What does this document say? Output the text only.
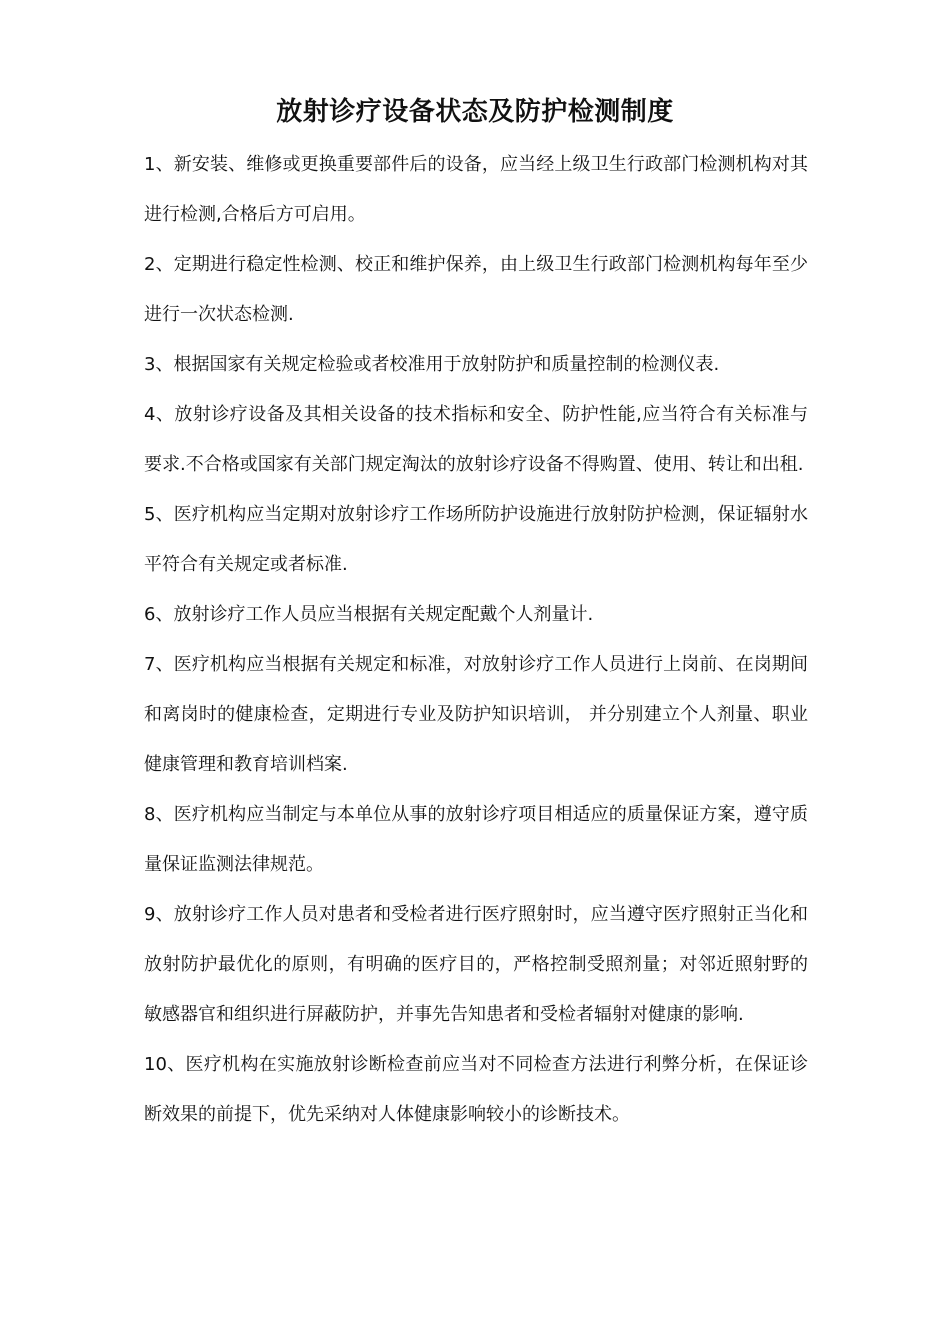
放射诊疗设备状态及防护检测制度
1、新安装、维修或更换重要部件后的设备，应当经上级卫生行政部门检测机构对其进行检测,合格后方可启用。
2、定期进行稳定性检测、校正和维护保养，由上级卫生行政部门检测机构每年至少进行一次状态检测.
3、根据国家有关规定检验或者校准用于放射防护和质量控制的检测仪表.
4、放射诊疗设备及其相关设备的技术指标和安全、防护性能,应当符合有关标准与要求.不合格或国家有关部门规定淘汰的放射诊疗设备不得购置、使用、转让和出租.
5、医疗机构应当定期对放射诊疗工作场所防护设施进行放射防护检测，保证辐射水平符合有关规定或者标准.
6、放射诊疗工作人员应当根据有关规定配戴个人剂量计.
7、医疗机构应当根据有关规定和标准，对放射诊疗工作人员进行上岗前、在岗期间和离岗时的健康检查，定期进行专业及防护知识培训， 并分别建立个人剂量、职业健康管理和教育培训档案.
8、医疗机构应当制定与本单位从事的放射诊疗项目相适应的质量保证方案，遵守质量保证监测法律规范。
9、放射诊疗工作人员对患者和受检者进行医疗照射时，应当遵守医疗照射正当化和放射防护最优化的原则，有明确的医疗目的，严格控制受照剂量；对邻近照射野的敏感器官和组织进行屏蔽防护，并事先告知患者和受检者辐射对健康的影响.
10、医疗机构在实施放射诊断检查前应当对不同检查方法进行利弊分析，在保证诊断效果的前提下，优先采纳对人体健康影响较小的诊断技术。
